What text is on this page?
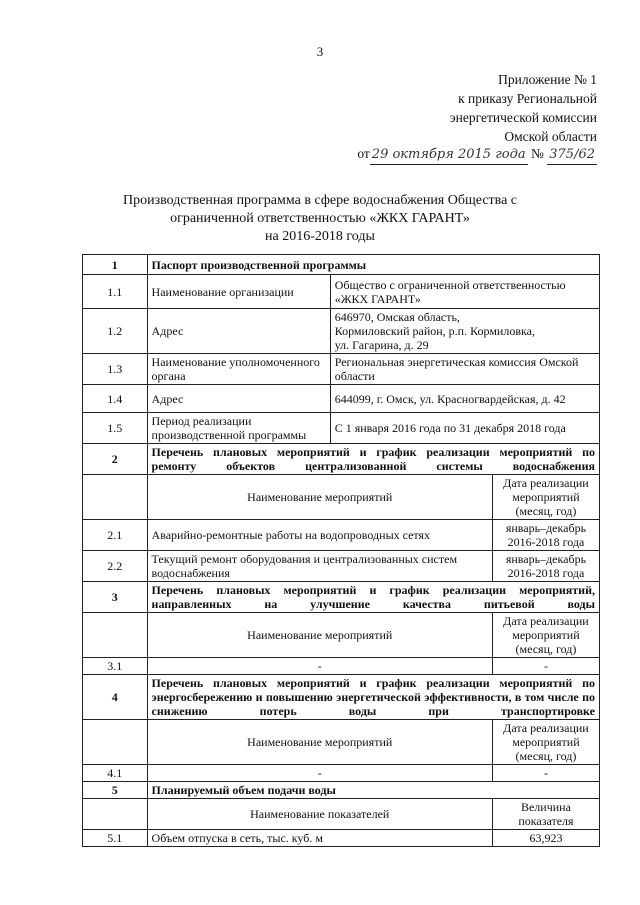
3
Приложение № 1
к приказу Региональной
энергетической комиссии
Омской области
от 29 октября 2015 года № 375/62
Производственная программа в сфере водоснабжения Общества с
ограниченной ответственностью «ЖКХ ГАРАНТ»
на 2016-2018 годы
1	Паспорт производственной программы		
1.1	Наименование организации	Общество с ограниченной ответственностью «ЖКХ ГАРАНТ»	
1.2	Адрес	646970, Омская область,
Кормиловский район, р.п. Кормиловка,
ул. Гагарина, д. 29	

1.3	Наименование уполномоченного органа	Региональная энергетическая комиссия Омской области	
1.4	Адрес	644099, г. Омск, ул. Красногвардейская, д. 42	
1.5	Период реализации производственной программы	С 1 января 2016 года по 31 декабря 2018 года	
2	Перечень плановых мероприятий и график реализации мероприятий по ремонту объектов централизованной системы водоснабжения		
	Наименование мероприятий		Дата реализации мероприятий (месяц, год)
2.1	Аварийно-ремонтные работы на водопроводных сетях		январь–декабрь 2016-2018 года
2.2	Текущий ремонт оборудования и централизованных систем водоснабжения		январь–декабрь 2016-2018 года
3	Перечень плановых мероприятий и график реализации мероприятий, направленных на улучшение качества питьевой воды		
	Наименование мероприятий		Дата реализации мероприятий (месяц, год)
3.1	-		-
4	Перечень плановых мероприятий и график реализации мероприятий по энергосбережению и повышению энергетической эффективности, в том числе по снижению потерь воды при транспортировке		
	Наименование мероприятий		Дата реализации мероприятий (месяц, год)
4.1	-		-
5	Планируемый объем подачи воды		
	Наименование показателей		Величина показателя
5.1	Объем отпуска в сеть, тыс. куб. м		63,923
